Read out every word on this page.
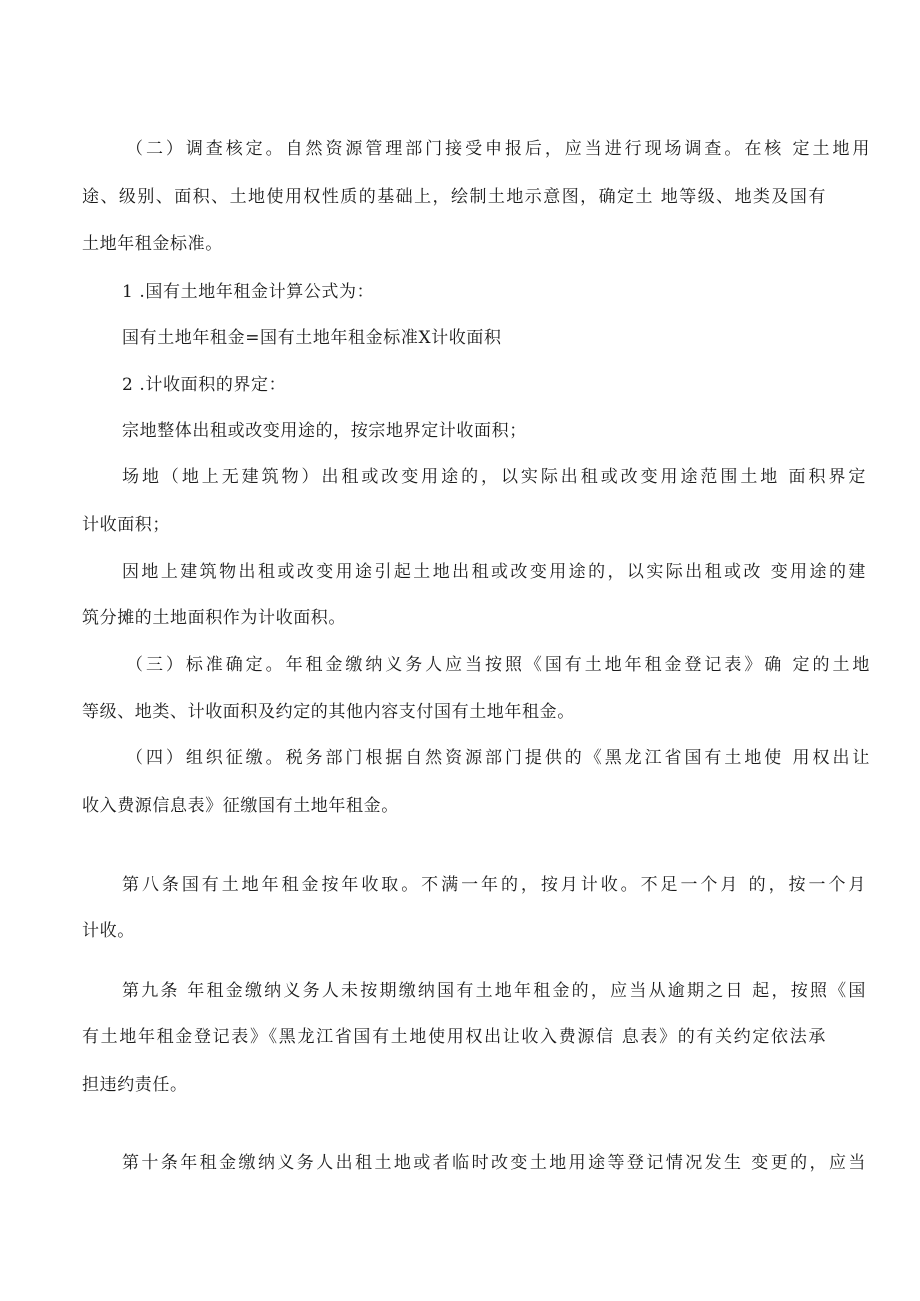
（二）调查核定。自然资源管理部门接受申报后，应当进行现场调查。在核 定土地用
途、级别、面积、土地使用权性质的基础上，绘制土地示意图，确定土 地等级、地类及国有
土地年租金标准。
1 .国有土地年租金计算公式为：
国有土地年租金=国有土地年租金标准X计收面积
2 .计收面积的界定：
宗地整体出租或改变用途的，按宗地界定计收面积；
场地（地上无建筑物）出租或改变用途的，以实际出租或改变用途范围土地 面积界定
计收面积；
因地上建筑物出租或改变用途引起土地出租或改变用途的，以实际出租或改 变用途的建
筑分摊的土地面积作为计收面积。
（三）标准确定。年租金缴纳义务人应当按照《国有土地年租金登记表》确 定的土地
等级、地类、计收面积及约定的其他内容支付国有土地年租金。
（四）组织征缴。税务部门根据自然资源部门提供的《黑龙江省国有土地使 用权出让
收入费源信息表》征缴国有土地年租金。
第八条国有土地年租金按年收取。不满一年的，按月计收。不足一个月 的，按一个月
计收。
第九条 年租金缴纳义务人未按期缴纳国有土地年租金的，应当从逾期之日 起，按照《国
有土地年租金登记表》《黑龙江省国有土地使用权出让收入费源信 息表》的有关约定依法承
担违约责任。
第十条年租金缴纳义务人出租土地或者临时改变土地用途等登记情况发生 变更的，应当
